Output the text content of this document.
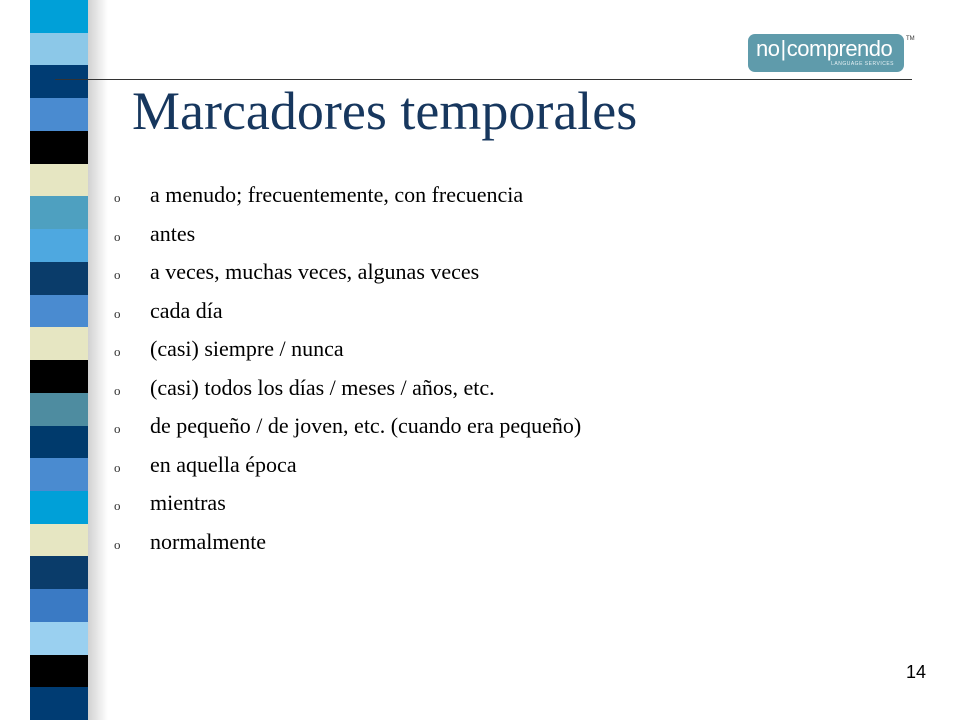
no|comprendo
LANGUAGE SERVICES
TM
Marcadores temporales
o	a menudo; frecuentemente, con frecuencia
o	antes
o	a veces, muchas veces, algunas veces
o	cada día
o	(casi) siempre / nunca
o	(casi) todos los días / meses / años, etc.
o	de pequeño / de joven, etc. (cuando era pequeño)
o	en aquella época
o	mientras
o	normalmente
14
